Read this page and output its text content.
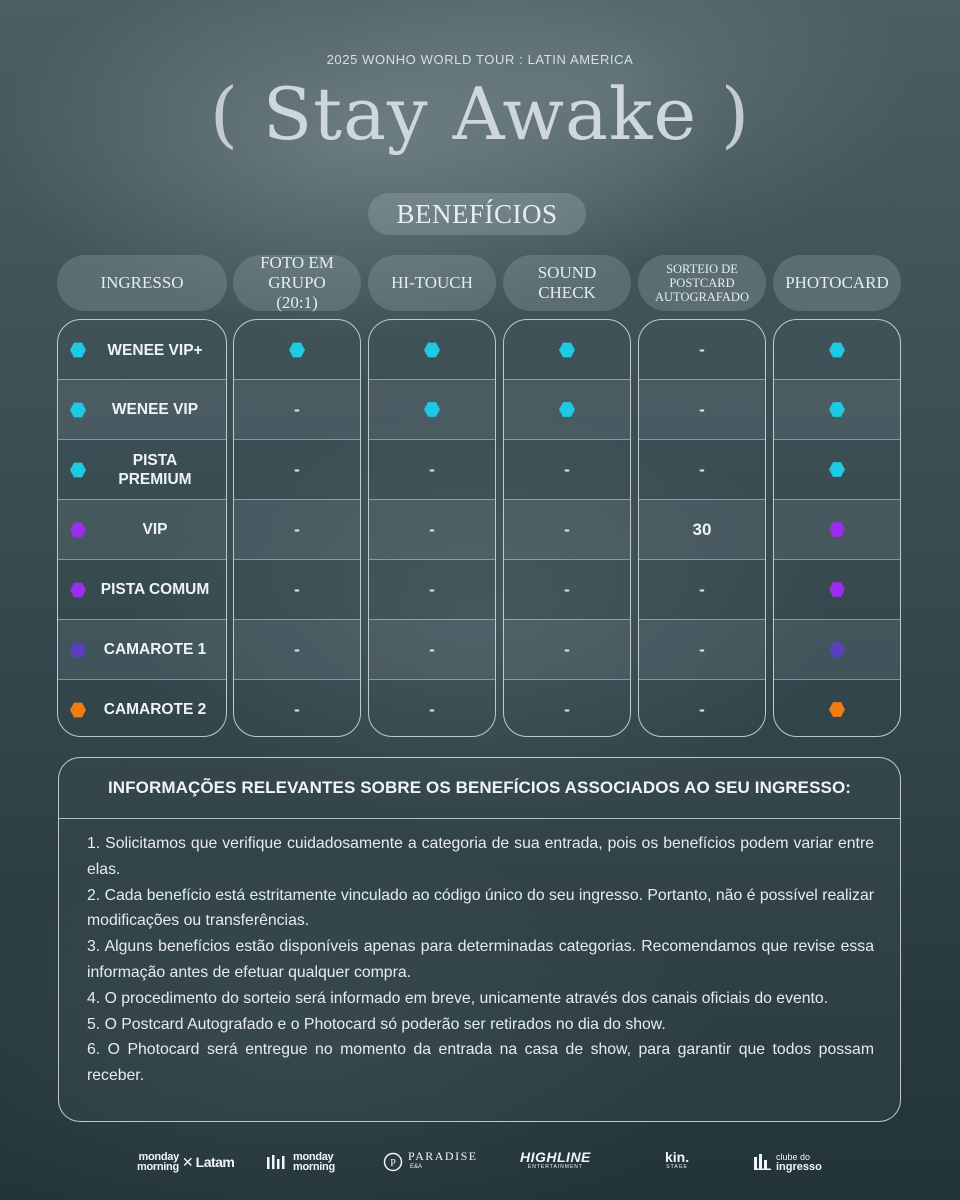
2025 WONHO WORLD TOUR : LATIN AMERICA
( Stay Awake )
BENEFÍCIOS
INGRESSO
FOTO EM GRUPO (20:1)
HI-TOUCH
SOUND CHECK
SORTEIO DE POSTCARD AUTOGRAFADO
PHOTOCARD
WENEE VIP+
WENEE VIP
PISTA PREMIUM
VIP
PISTA COMUM
CAMAROTE 1
CAMAROTE 2
-
-
-
-
-
-
-
-
-
-
-
-
-
-
-
-
-
-
-
30
-
-
-
INFORMAÇÕES RELEVANTES SOBRE OS BENEFÍCIOS ASSOCIADOS AO SEU INGRESSO:

1. Solicitamos que verifique cuidadosamente a categoria de sua entrada, pois os benefícios podem variar entre elas.

2. Cada benefício está estritamente vinculado ao código único do seu ingresso. Portanto, não é possível realizar modificações ou transferências.

3. Alguns benefícios estão disponíveis apenas para determinadas categorias. Recomendamos que revise essa informação antes de efetuar qualquer compra.

4. O procedimento do sorteio será informado em breve, unicamente através dos canais oficiais do evento.

5. O Postcard Autografado e o Photocard só poderão ser retirados no dia do show.

6. O Photocard será entregue no momento da entrada na casa de show, para garantir que todos possam receber.

monday
morning ✕ Latam	monday
morning	P
PARADISE
E&A
HIGHLINE
ENTERTAINMENT
kin.
STAGE
clube do
ingresso
